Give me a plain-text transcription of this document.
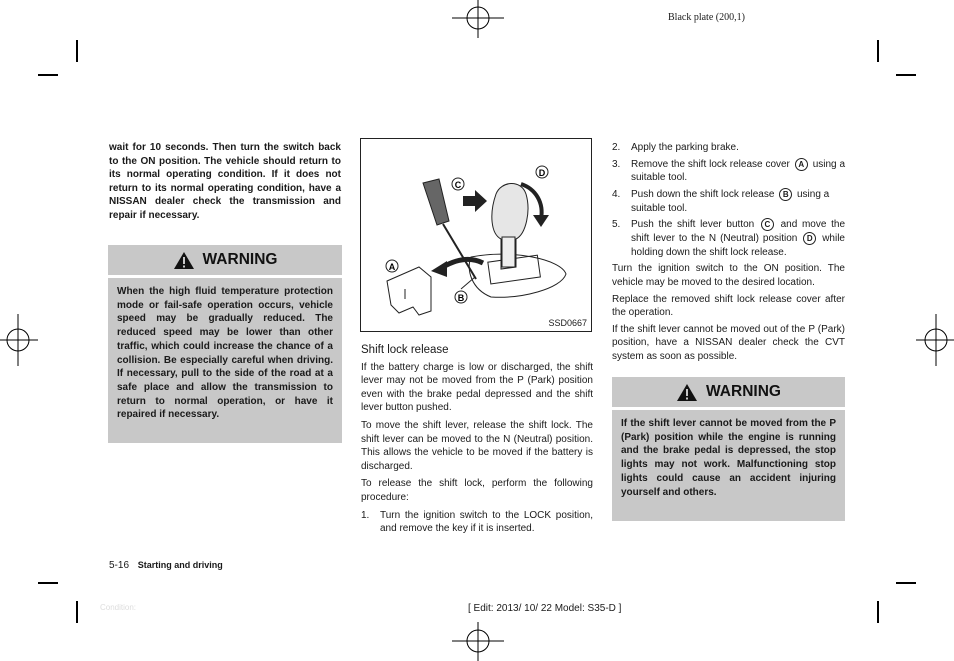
Black plate (200,1)
wait for 10 seconds. Then turn the switch back to the ON position. The vehicle should return to its normal operating condition. If it does not return to its normal operating condition, have a NISSAN dealer check the transmission and repair if necessary.
WARNING
When the high fluid temperature protection mode or fail-safe operation occurs, vehicle speed may be gradually reduced. The reduced speed may be lower than other traffic, which could increase the chance of a collision. Be especially careful when driving. If necessary, pull to the side of the road at a safe place and allow the transmission to return to normal operation, or have it repaired if necessary.
C
D
A
B
SSD0667

Shift lock release

If the battery charge is low or discharged, the shift lever may not be moved from the P (Park) position even with the brake pedal depressed and the shift lever button pushed.

To move the shift lever, release the shift lock. The shift lever can be moved to the N (Neutral) position. This allows the vehicle to be moved if the battery is discharged.

To release the shift lock, perform the following procedure:

1.	Turn the ignition switch to the LOCK position, and remove the key if it is inserted.
2.	Apply the parking brake.
3.	Remove the shift lock release cover A using a suitable tool.
4.	Push down the shift lock release B using a suitable tool.
5.	Push the shift lever button C and move the shift lever to the N (Neutral) position D while holding down the shift lock release.

Turn the ignition switch to the ON position. The vehicle may be moved to the desired location.

Replace the removed shift lock release cover after the operation.

If the shift lever cannot be moved out of the P (Park) position, have a NISSAN dealer check the CVT system as soon as possible.

WARNING
If the shift lever cannot be moved from the P (Park) position while the engine is running and the brake pedal is depressed, the stop lights may not work. Malfunctioning stop lights could cause an accident injuring yourself and others.
5-16 Starting and driving
Condition:	[ Edit: 2013/ 10/ 22 Model: S35-D ]
